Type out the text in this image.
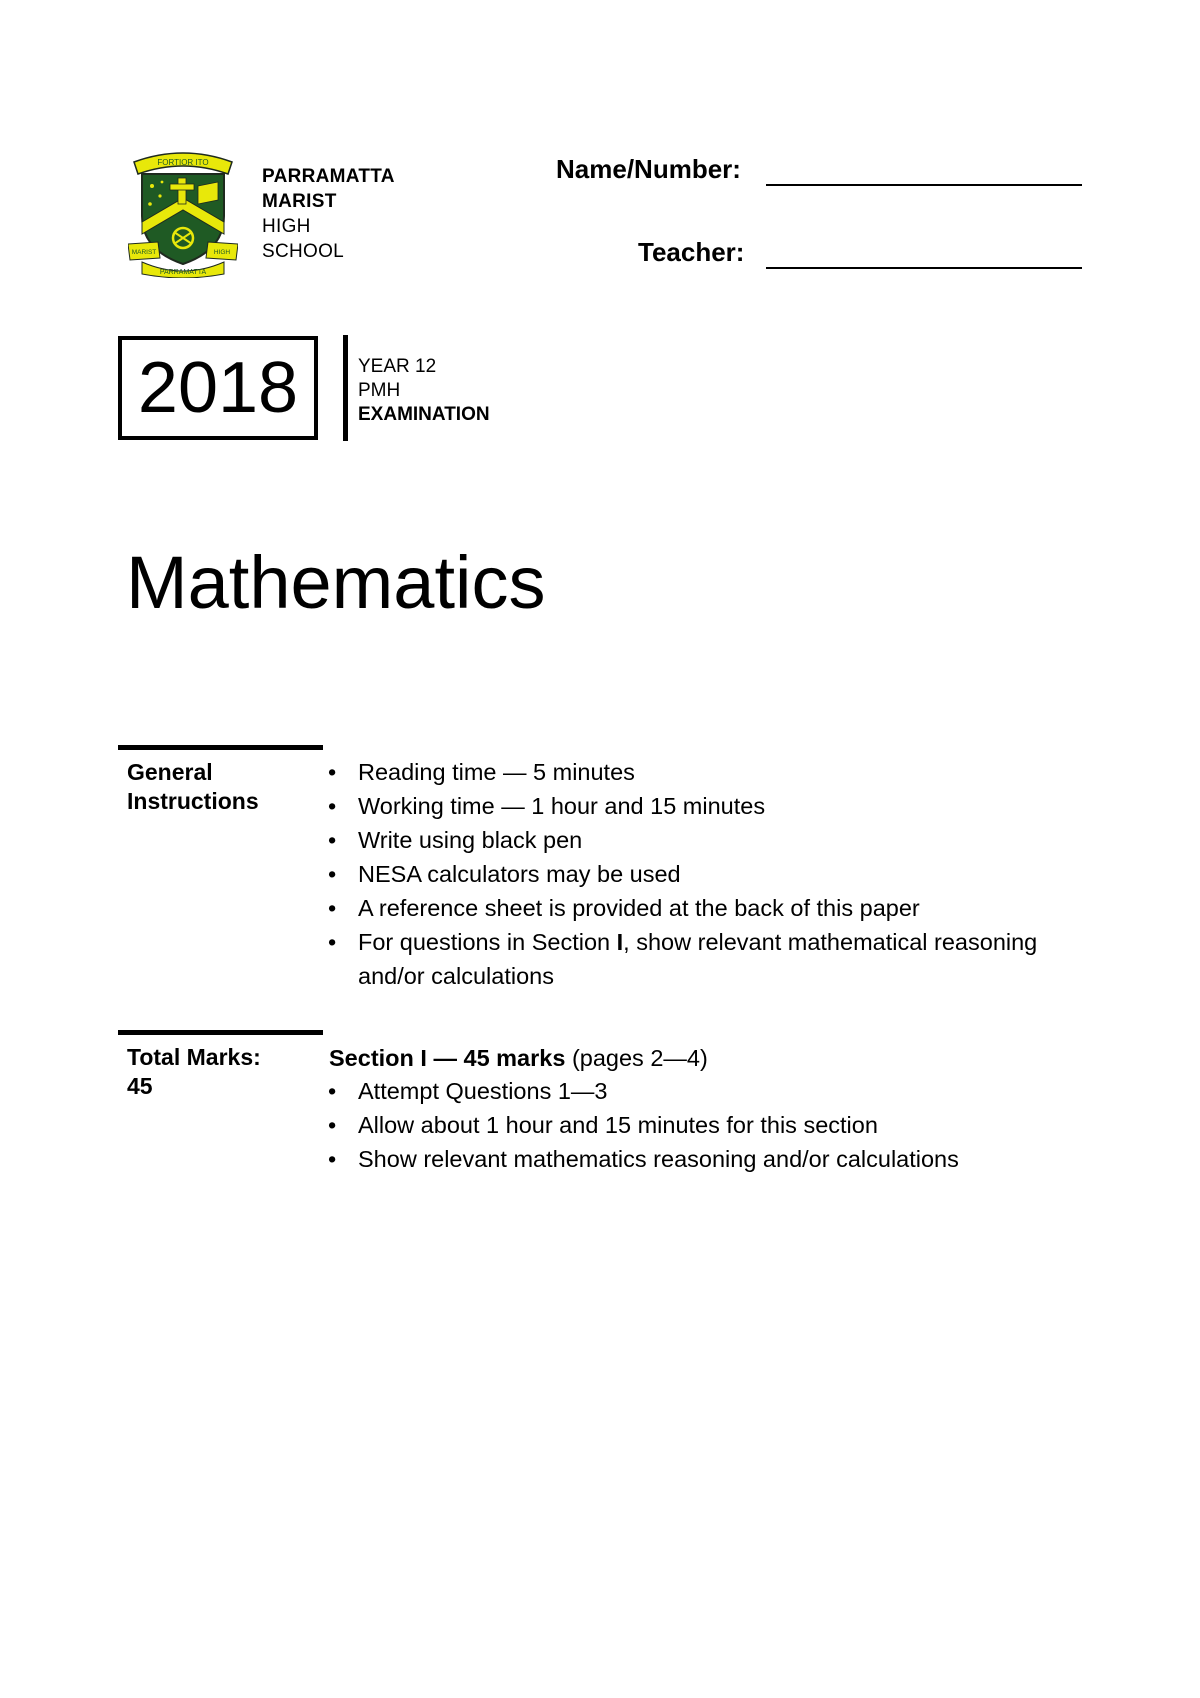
FORTIOR ITO
MARIST	HIGH
PARRAMATTA
PARRAMATTA
MARIST
HIGH
SCHOOL
Name/Number:
Teacher:
2018	YEAR 12
PMH
EXAMINATION
Mathematics
General
Instructions
• Reading time — 5 minutes
• Working time — 1 hour and 15 minutes
• Write using black pen
• NESA calculators may be used
• A reference sheet is provided at the back of this paper
• For questions in Section I, show relevant mathematical reasoning
and/or calculations
Total Marks:
45
Section I — 45 marks (pages 2—4)
• Attempt Questions 1—3
• Allow about 1 hour and 15 minutes for this section
• Show relevant mathematics reasoning and/or calculations
